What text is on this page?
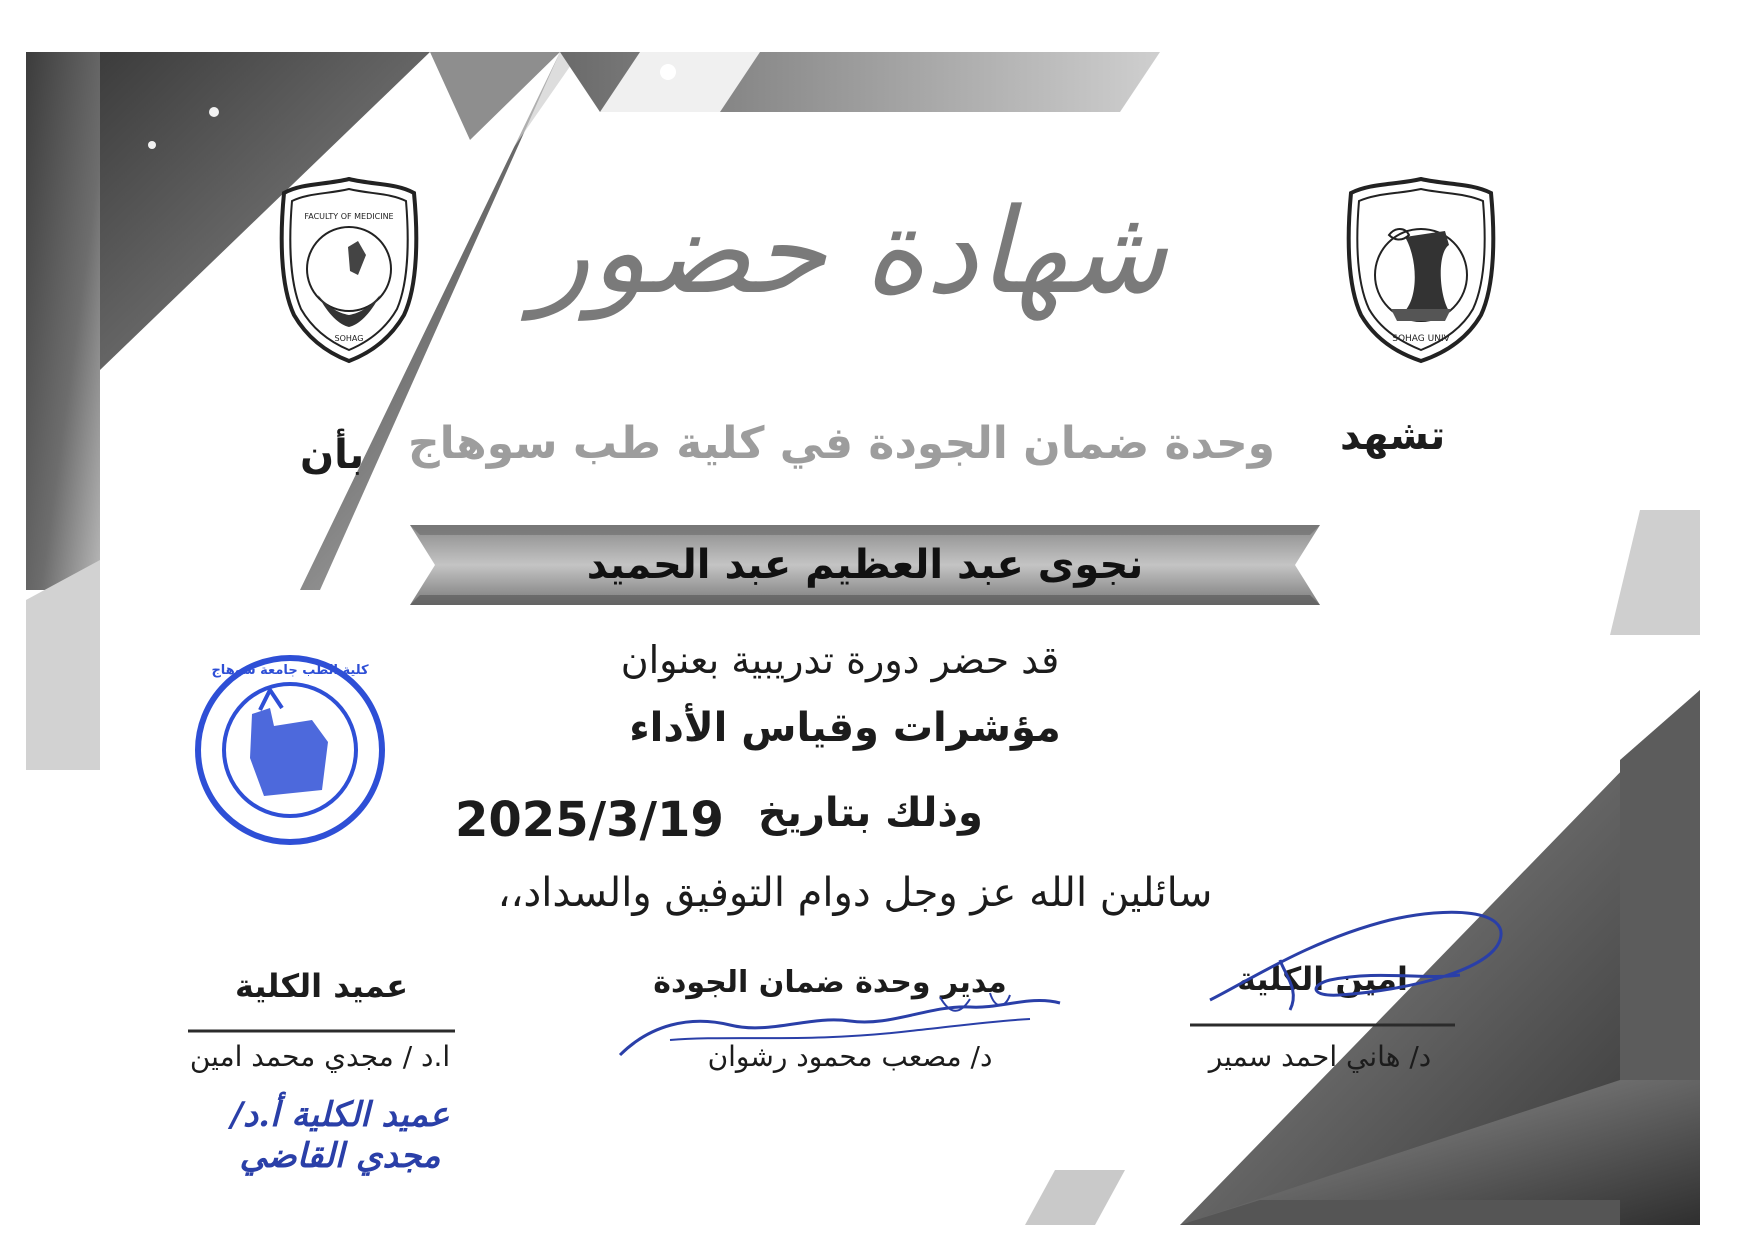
FACULTY OF MEDICINE
SOHAG	SOHAG UNIV
شهادة حضور
تشهد
وحدة ضمان الجودة في كلية طب سوهاج
بأن
نجوى عبد العظيم عبد الحميد
قد حضر دورة تدريبية بعنوان
مؤشرات وقياس الأداء
وذلك بتاريخ
2025/3/19
سائلين الله عز وجل دوام التوفيق والسداد،،
كلية الطب جامعة سوهاج
عميد الكلية
ا.د / مجدي محمد امين
مدير وحدة ضمان الجودة
د/ مصعب محمود رشوان
امين الكلية
د/ هاني احمد سمير
عميد الكلية أ.د/ مجدي القاضي
